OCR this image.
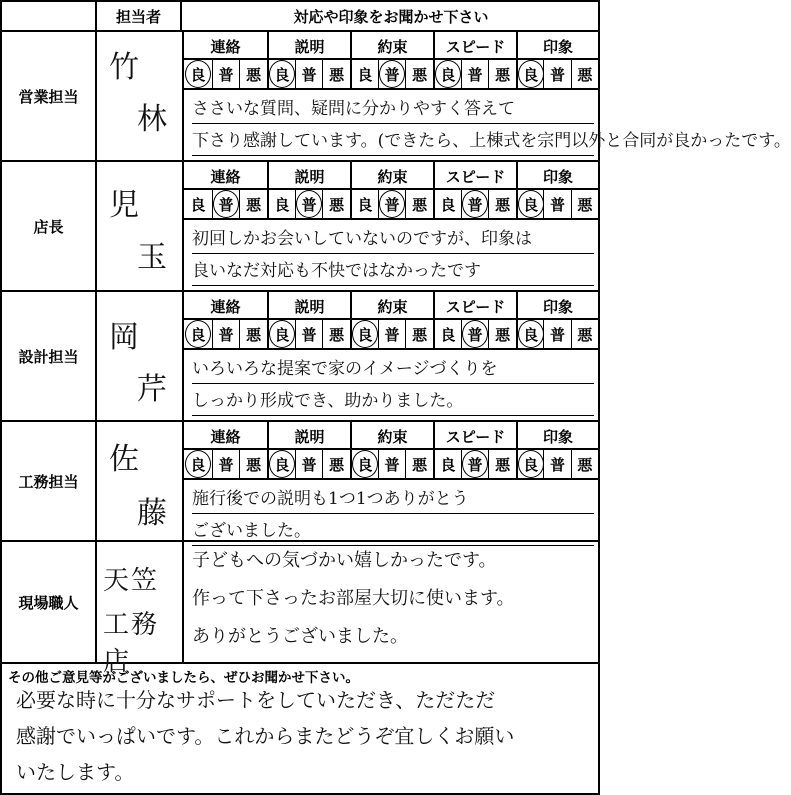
担当者	対応や印象をお聞かせ下さい
営業担当
竹
林
連絡	説明	約束	スピード	印象
良 普 悪 良 普 悪 良 普 悪 良 普 悪 良 普 悪
ささいな質問、疑問に分かりやすく答えて
下さり感謝しています。(できたら、上棟式を宗門以外と合同が良かったです。
店長
児
玉
連絡	説明	約束	スピード	印象
良 普 悪 良 普 悪 良 普 悪 良 普 悪 良 普 悪
初回しかお会いしていないのですが、印象は
良いなだ対応も不快ではなかったです
設計担当
岡
芹
連絡	説明	約束	スピード	印象
良 普 悪 良 普 悪 良 普 悪 良 普 悪 良 普 悪
いろいろな提案で家のイメージづくりを
しっかり形成でき、助かりました。
工務担当
佐
藤
連絡	説明	約束	スピード	印象
良 普 悪 良 普 悪 良 普 悪 良 普 悪 良 普 悪
施行後での説明も1つ1つありがとう
ございました。
現場職人
天笠
工務店
子どもへの気づかい嬉しかったです。
作って下さったお部屋大切に使います。
ありがとうございました。
その他ご意見等がございましたら、ぜひお聞かせ下さい。
必要な時に十分なサポートをしていただき、ただただ
感謝でいっぱいです。これからまたどうぞ宜しくお願い
いたします。
